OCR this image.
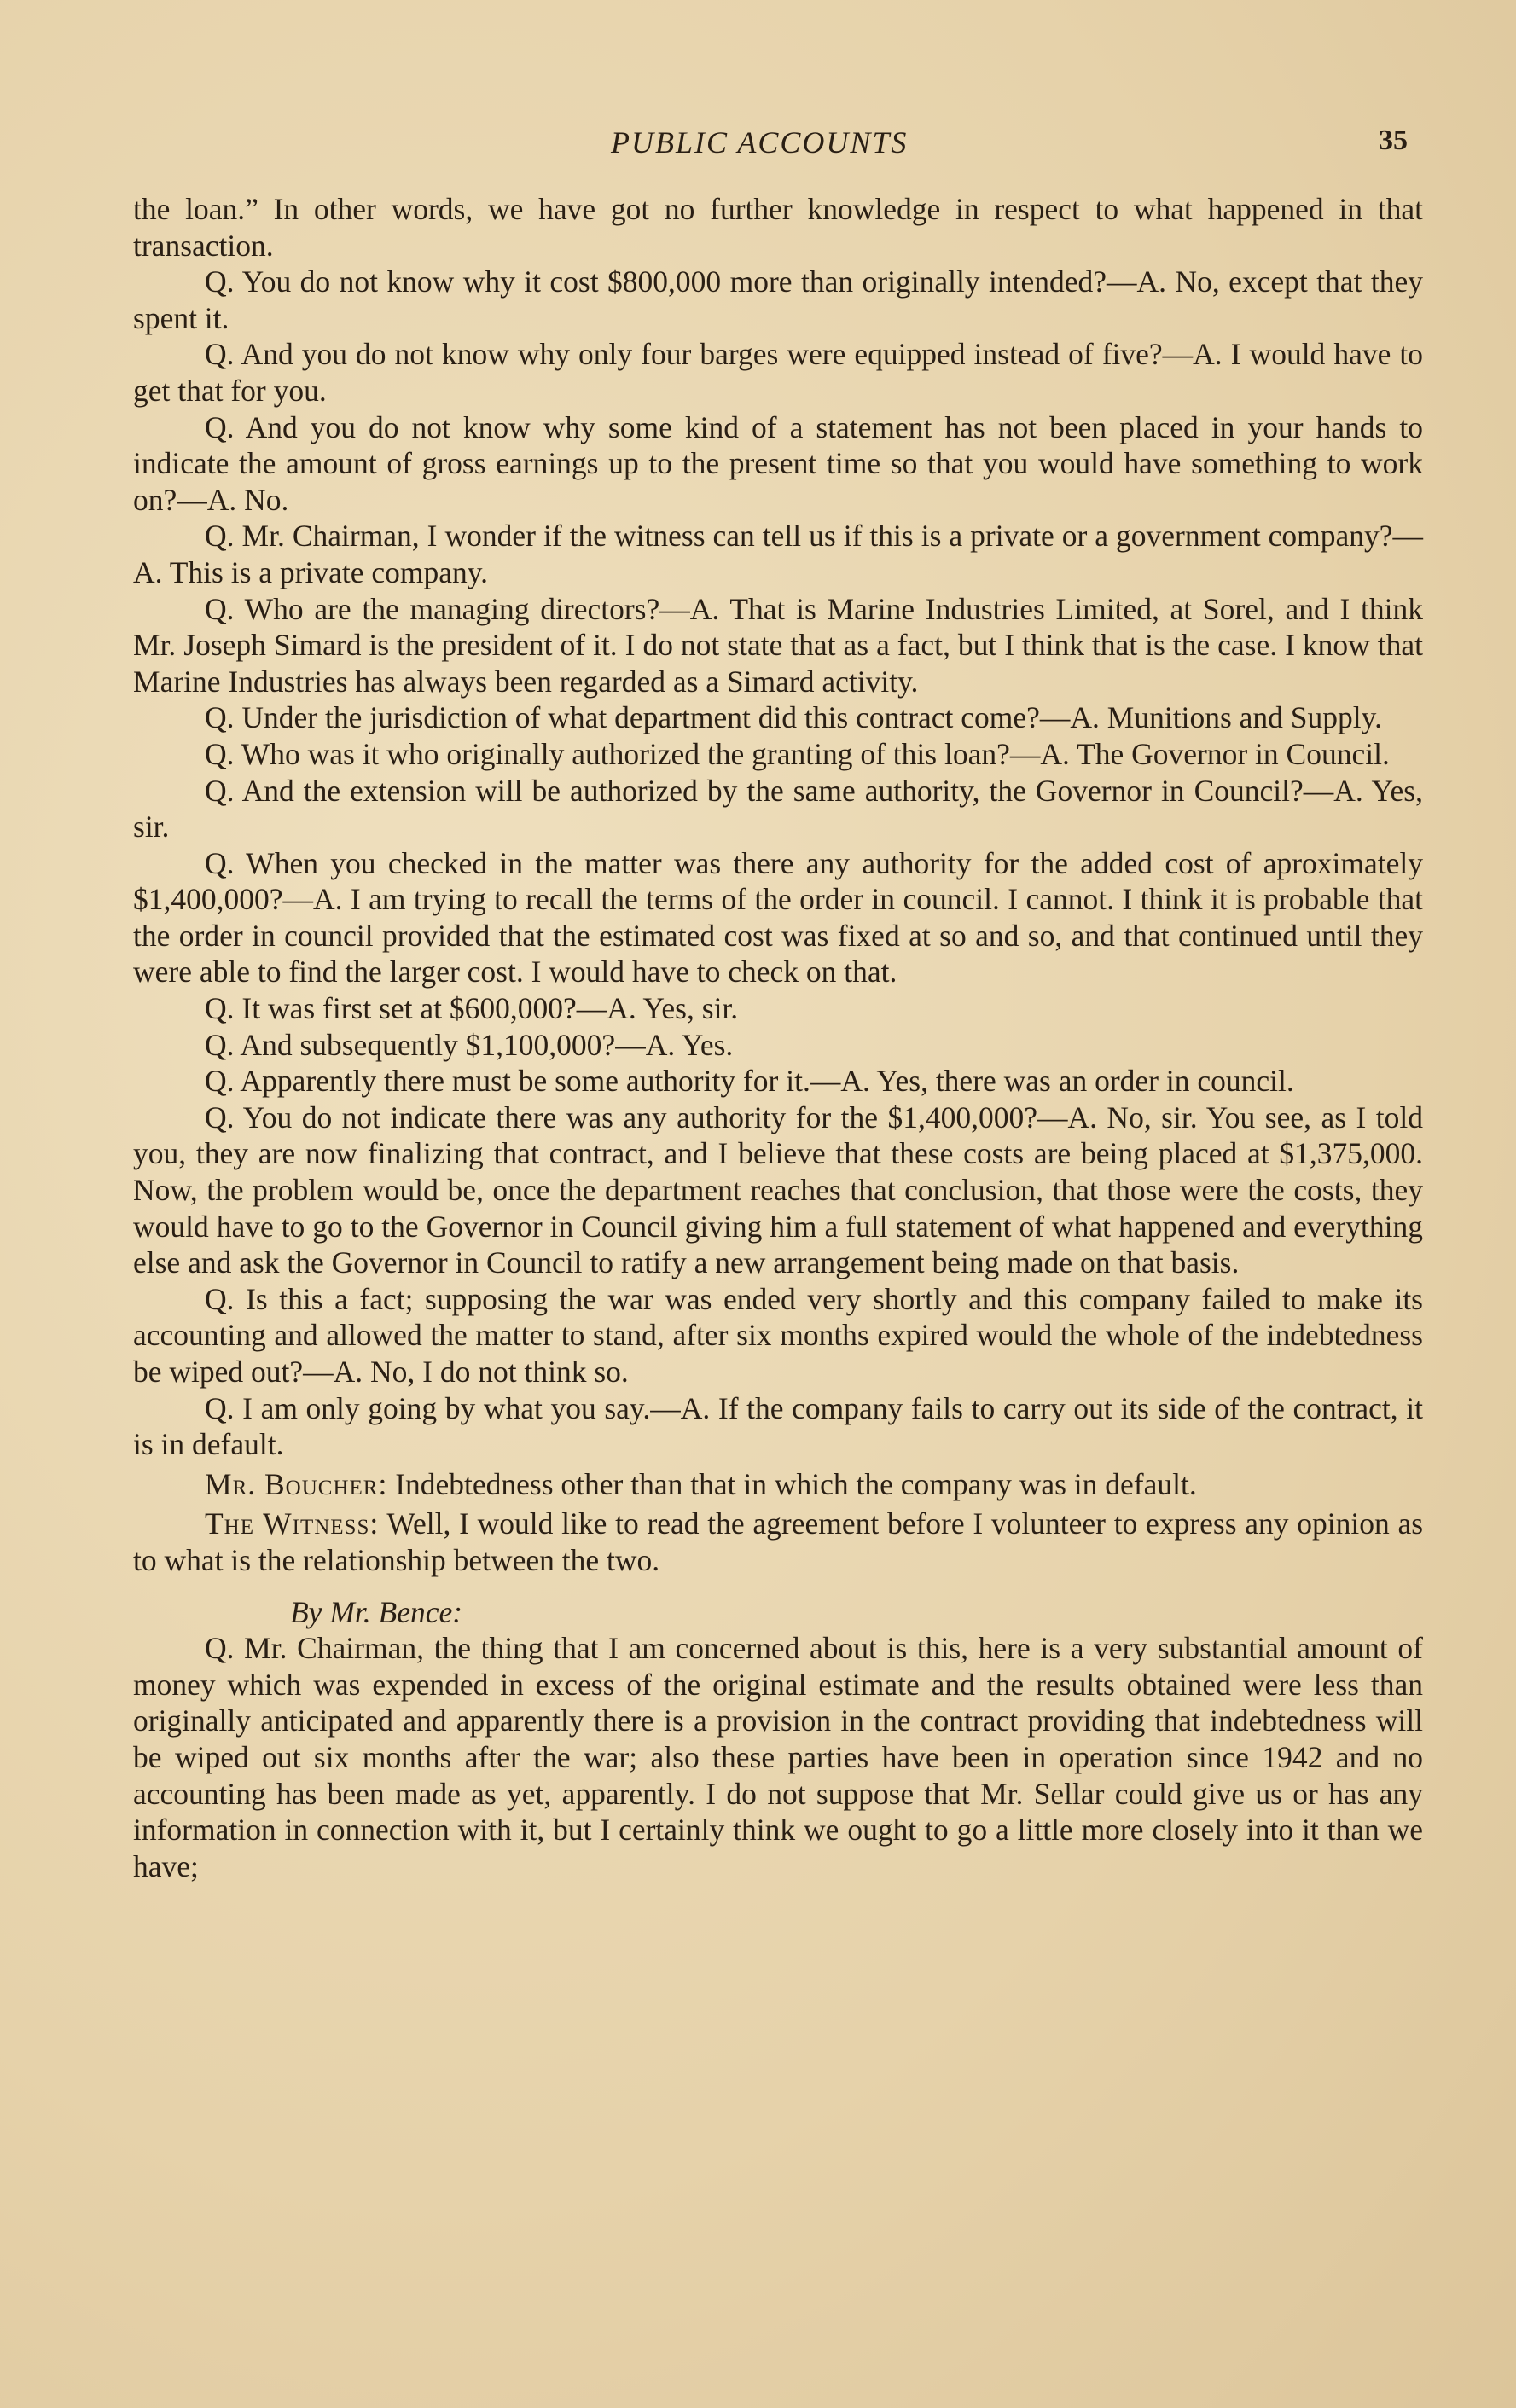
PUBLIC ACCOUNTS	35

the loan.” In other words, we have got no further knowledge in respect to what happened in that transaction.

Q. You do not know why it cost $800,000 more than originally intended?—A. No, except that they spent it.

Q. And you do not know why only four barges were equipped instead of five?—A. I would have to get that for you.

Q. And you do not know why some kind of a statement has not been placed in your hands to indicate the amount of gross earnings up to the present time so that you would have something to work on?—A. No.

Q. Mr. Chairman, I wonder if the witness can tell us if this is a private or a government company?—A. This is a private company.

Q. Who are the managing directors?—A. That is Marine Industries Limited, at Sorel, and I think Mr. Joseph Simard is the president of it. I do not state that as a fact, but I think that is the case. I know that Marine Industries has always been regarded as a Simard activity.

Q. Under the jurisdiction of what department did this contract come?—A. Munitions and Supply.

Q. Who was it who originally authorized the granting of this loan?—A. The Governor in Council.

Q. And the extension will be authorized by the same authority, the Governor in Council?—A. Yes, sir.

Q. When you checked in the matter was there any authority for the added cost of aproximately $1,400,000?—A. I am trying to recall the terms of the order in council. I cannot. I think it is probable that the order in council provided that the estimated cost was fixed at so and so, and that continued until they were able to find the larger cost. I would have to check on that.

Q. It was first set at $600,000?—A. Yes, sir.

Q. And subsequently $1,100,000?—A. Yes.

Q. Apparently there must be some authority for it.—A. Yes, there was an order in council.

Q. You do not indicate there was any authority for the $1,400,000?—A. No, sir. You see, as I told you, they are now finalizing that contract, and I believe that these costs are being placed at $1,375,000. Now, the problem would be, once the department reaches that conclusion, that those were the costs, they would have to go to the Governor in Council giving him a full statement of what happened and everything else and ask the Governor in Council to ratify a new arrangement being made on that basis.

Q. Is this a fact; supposing the war was ended very shortly and this company failed to make its accounting and allowed the matter to stand, after six months expired would the whole of the indebtedness be wiped out?—A. No, I do not think so.

Q. I am only going by what you say.—A. If the company fails to carry out its side of the contract, it is in default.

Mr. Boucher: Indebtedness other than that in which the company was in default.

The Witness: Well, I would like to read the agreement before I volunteer to express any opinion as to what is the relationship between the two.

By Mr. Bence:

Q. Mr. Chairman, the thing that I am concerned about is this, here is a very substantial amount of money which was expended in excess of the original estimate and the results obtained were less than originally anticipated and apparently there is a provision in the contract providing that indebtedness will be wiped out six months after the war; also these parties have been in operation since 1942 and no accounting has been made as yet, apparently. I do not suppose that Mr. Sellar could give us or has any information in connection with it, but I certainly think we ought to go a little more closely into it than we have;
